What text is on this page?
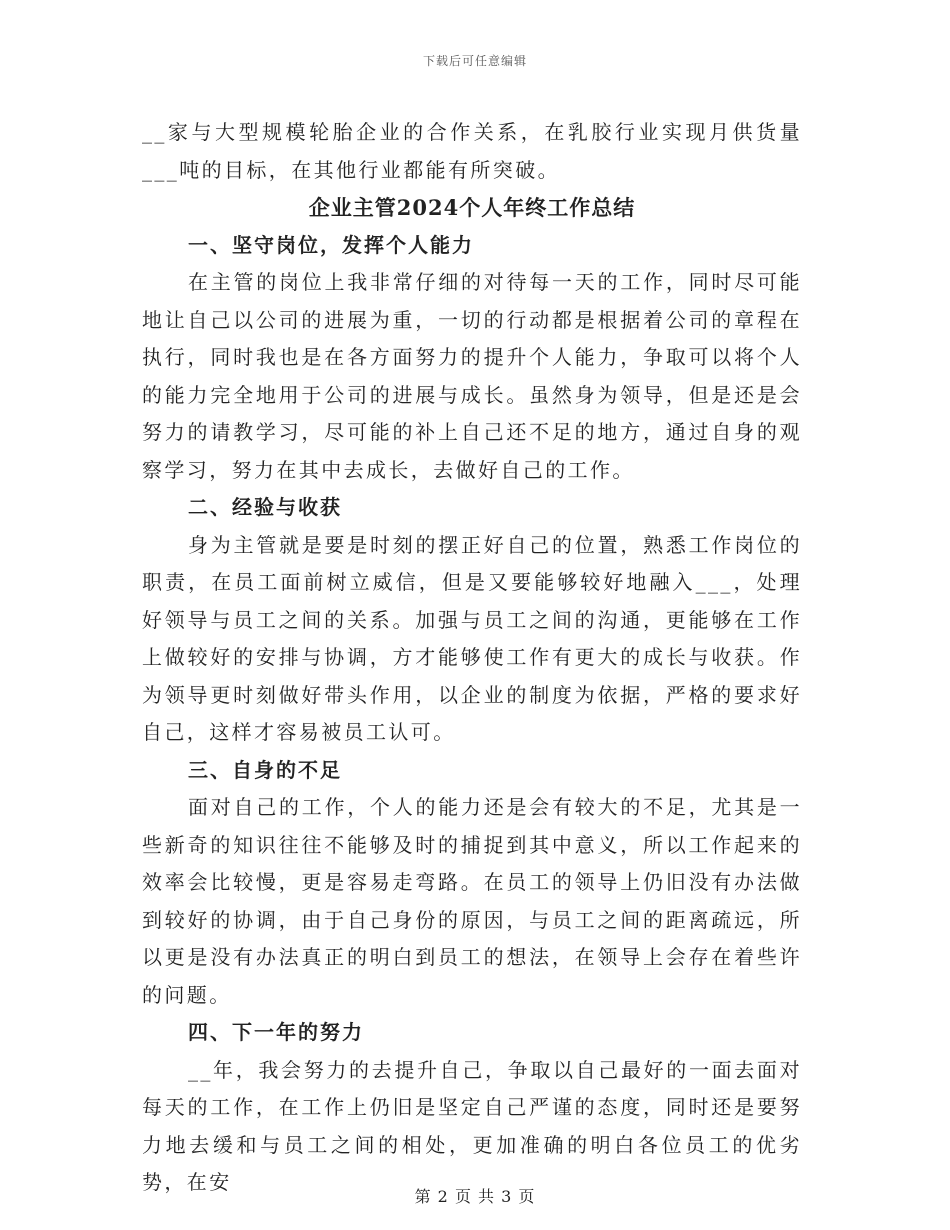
下载后可任意编辑

__家与大型规模轮胎企业的合作关系，在乳胶行业实现月供货量___吨的目标，在其他行业都能有所突破。

企业主管2024个人年终工作总结

一、坚守岗位，发挥个人能力

在主管的岗位上我非常仔细的对待每一天的工作，同时尽可能地让自己以公司的进展为重，一切的行动都是根据着公司的章程在执行，同时我也是在各方面努力的提升个人能力，争取可以将个人的能力完全地用于公司的进展与成长。虽然身为领导，但是还是会努力的请教学习，尽可能的补上自己还不足的地方，通过自身的观察学习，努力在其中去成长，去做好自己的工作。

二、经验与收获

身为主管就是要是时刻的摆正好自己的位置，熟悉工作岗位的职责，在员工面前树立威信，但是又要能够较好地融入___，处理好领导与员工之间的关系。加强与员工之间的沟通，更能够在工作上做较好的安排与协调，方才能够使工作有更大的成长与收获。作为领导更时刻做好带头作用，以企业的制度为依据，严格的要求好自己，这样才容易被员工认可。

三、自身的不足

面对自己的工作，个人的能力还是会有较大的不足，尤其是一些新奇的知识往往不能够及时的捕捉到其中意义，所以工作起来的效率会比较慢，更是容易走弯路。在员工的领导上仍旧没有办法做到较好的协调，由于自己身份的原因，与员工之间的距离疏远，所以更是没有办法真正的明白到员工的想法，在领导上会存在着些许的问题。

四、下一年的努力

__年，我会努力的去提升自己，争取以自己最好的一面去面对每天的工作，在工作上仍旧是坚定自己严谨的态度，同时还是要努力地去缓和与员工之间的相处，更加准确的明白各位员工的优劣势，在安

第 2 页 共 3 页
